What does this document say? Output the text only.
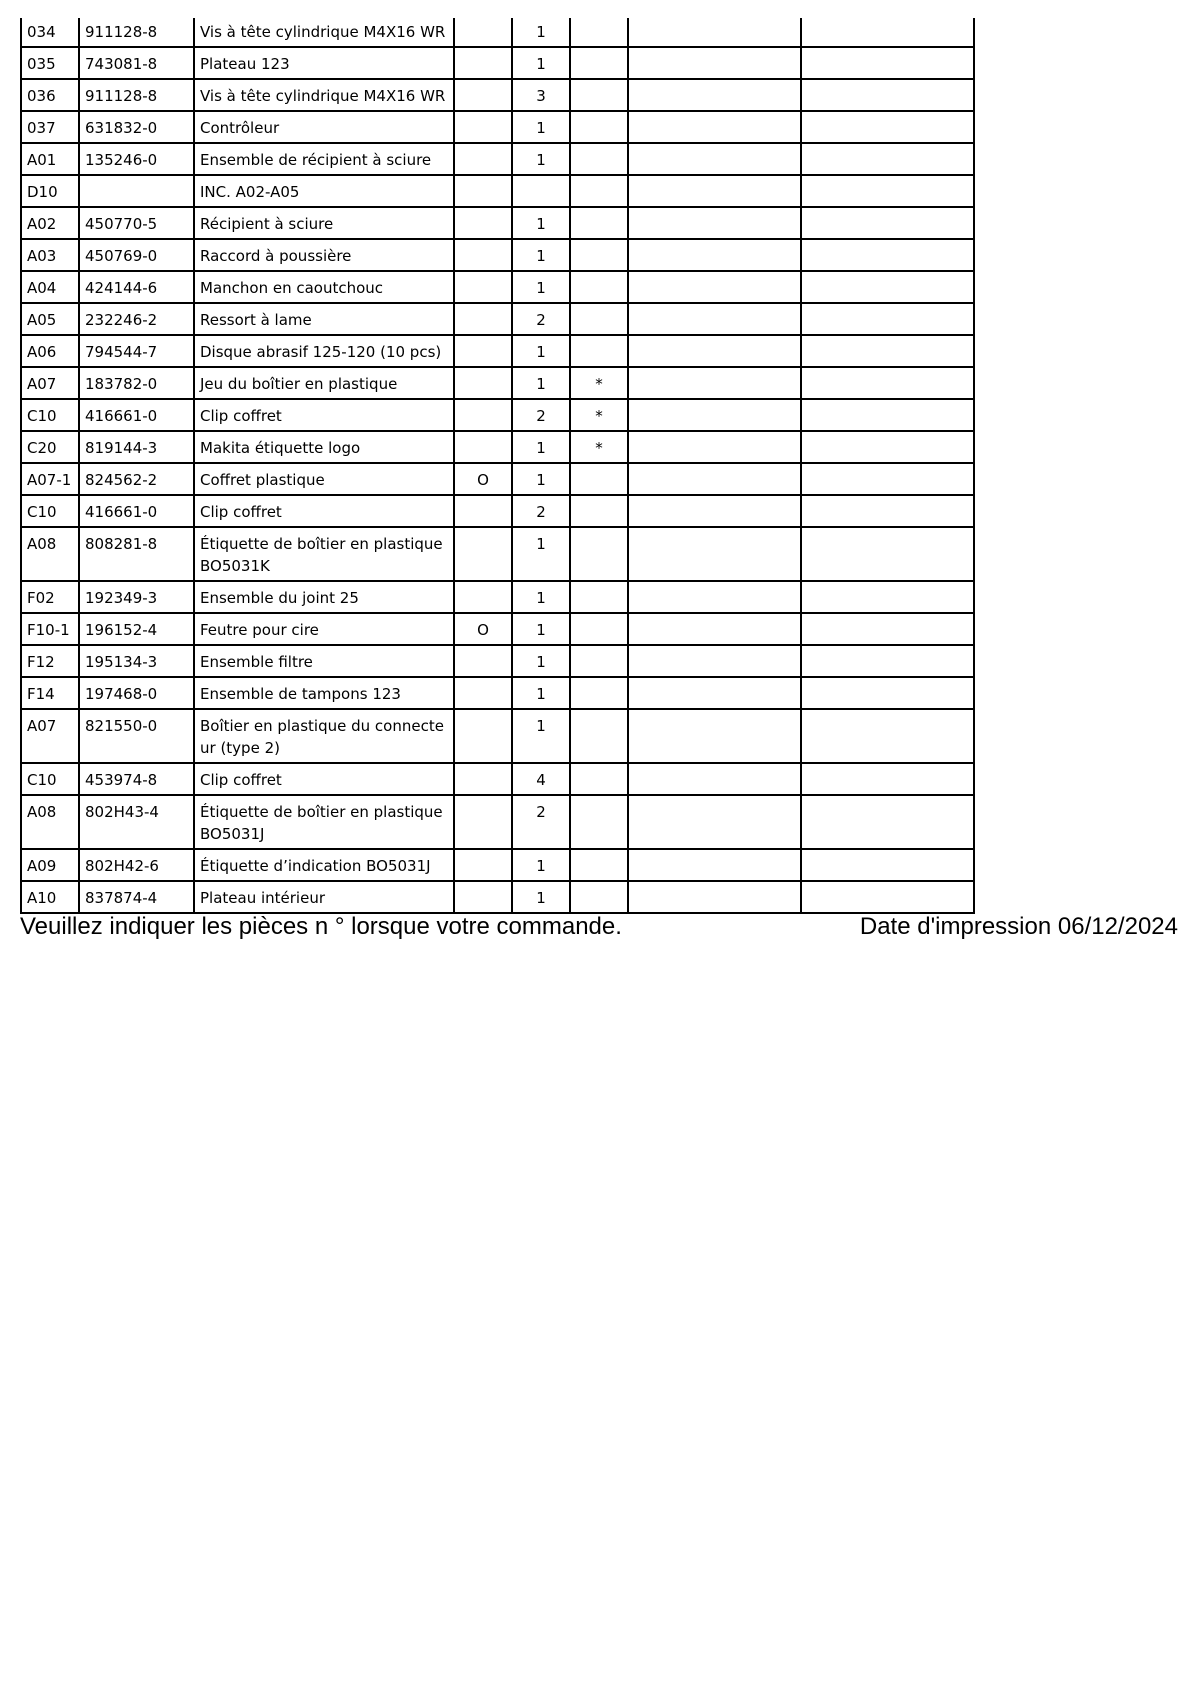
034	911128-8	Vis à tête cylindrique M4X16 WR		1			
035	743081-8	Plateau 123		1			
036	911128-8	Vis à tête cylindrique M4X16 WR		3			
037	631832-0	Contrôleur		1			
A01	135246-0	Ensemble de récipient à sciure		1			
D10		INC. A02-A05					
A02	450770-5	Récipient à sciure		1			
A03	450769-0	Raccord à poussière		1			
A04	424144-6	Manchon en caoutchouc		1			
A05	232246-2	Ressort à lame		2			
A06	794544-7	Disque abrasif 125-120 (10 pcs)		1			
A07	183782-0	Jeu du boîtier en plastique		1	*		
C10	416661-0	Clip coffret		2	*		
C20	819144-3	Makita étiquette logo		1	*		
A07-1	824562-2	Coffret plastique	O	1			
C10	416661-0	Clip coffret		2			
A08	808281-8	Étiquette de boîtier en plastique BO5031K		1			
F02	192349-3	Ensemble du joint 25		1			
F10-1	196152-4	Feutre pour cire	O	1			
F12	195134-3	Ensemble filtre		1			
F14	197468-0	Ensemble de tampons 123		1			
A07	821550-0	Boîtier en plastique du connecte ur (type 2)		1			
C10	453974-8	Clip coffret		4			
A08	802H43-4	Étiquette de boîtier en plastique BO5031J		2			
A09	802H42-6	Étiquette d’indication BO5031J		1			
A10	837874-4	Plateau intérieur		1			
Veuillez indiquer les pièces n ° lorsque votre commande.	Date d'impression 06/12/2024
